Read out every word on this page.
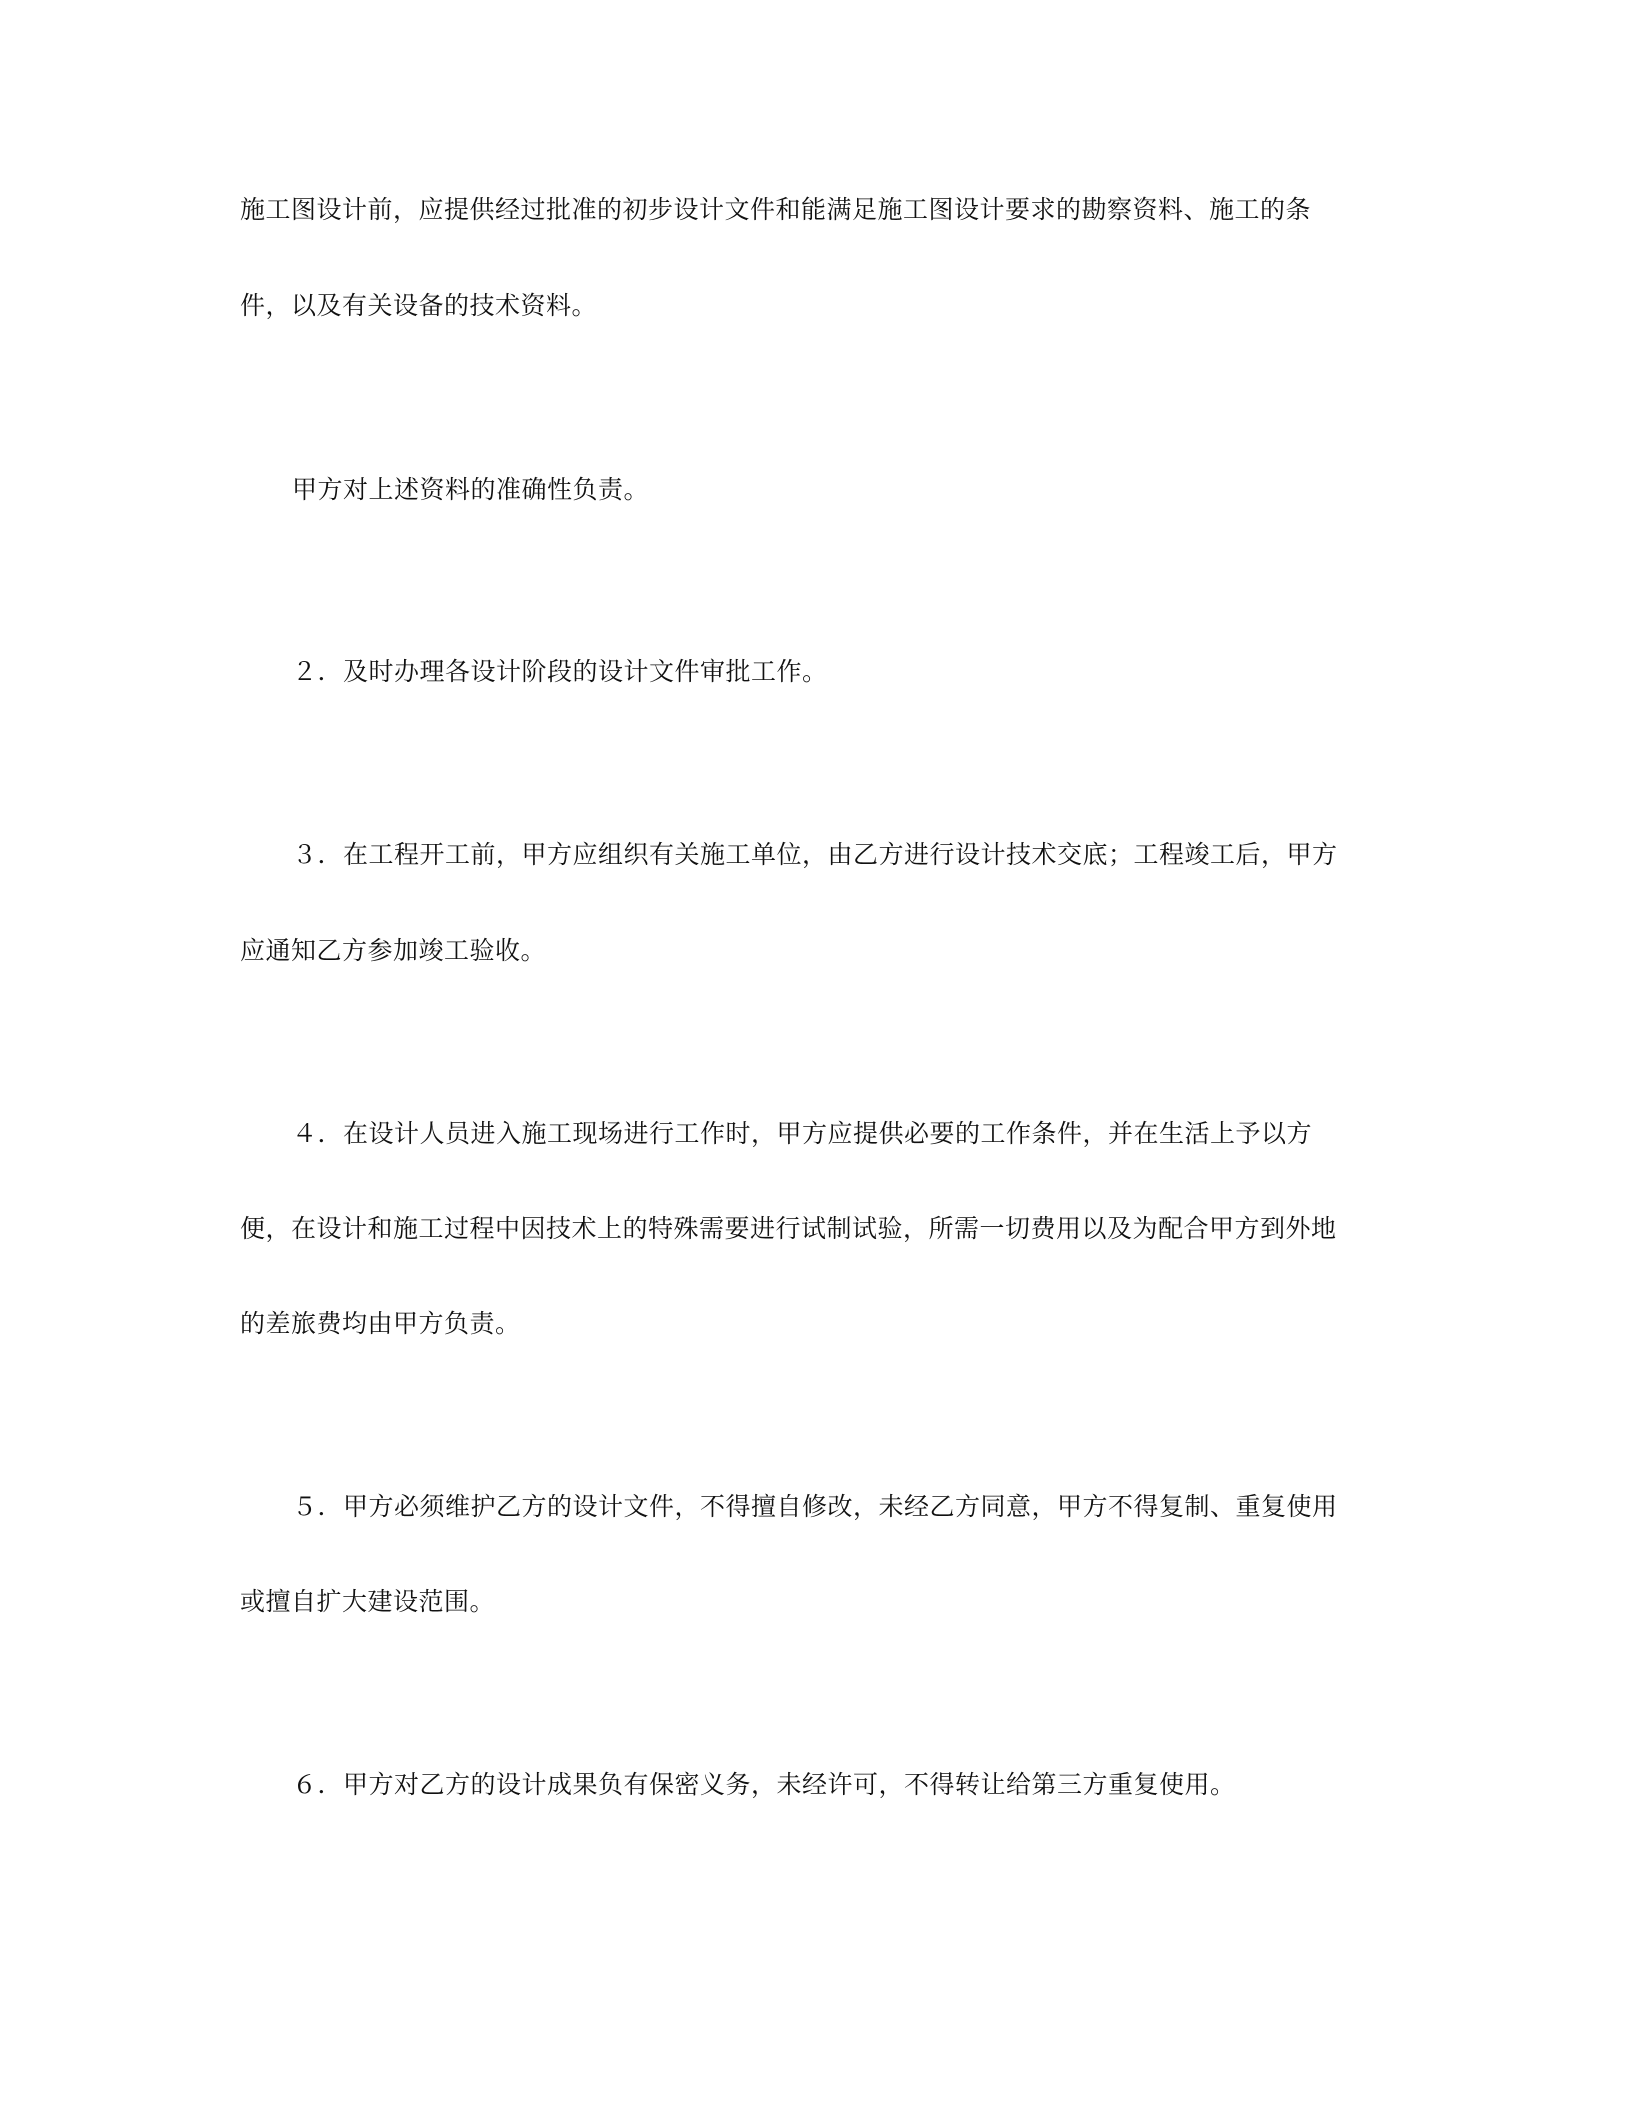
施工图设计前，应提供经过批准的初步设计文件和能满足施工图设计要求的勘察资料、施工的条
件，以及有关设备的技术资料。
甲方对上述资料的准确性负责。
２．及时办理各设计阶段的设计文件审批工作。
３．在工程开工前，甲方应组织有关施工单位，由乙方进行设计技术交底；工程竣工后，甲方
应通知乙方参加竣工验收。
４．在设计人员进入施工现场进行工作时，甲方应提供必要的工作条件，并在生活上予以方
便，在设计和施工过程中因技术上的特殊需要进行试制试验，所需一切费用以及为配合甲方到外地
的差旅费均由甲方负责。
５．甲方必须维护乙方的设计文件，不得擅自修改，未经乙方同意，甲方不得复制、重复使用
或擅自扩大建设范围。
６．甲方对乙方的设计成果负有保密义务，未经许可，不得转让给第三方重复使用。
